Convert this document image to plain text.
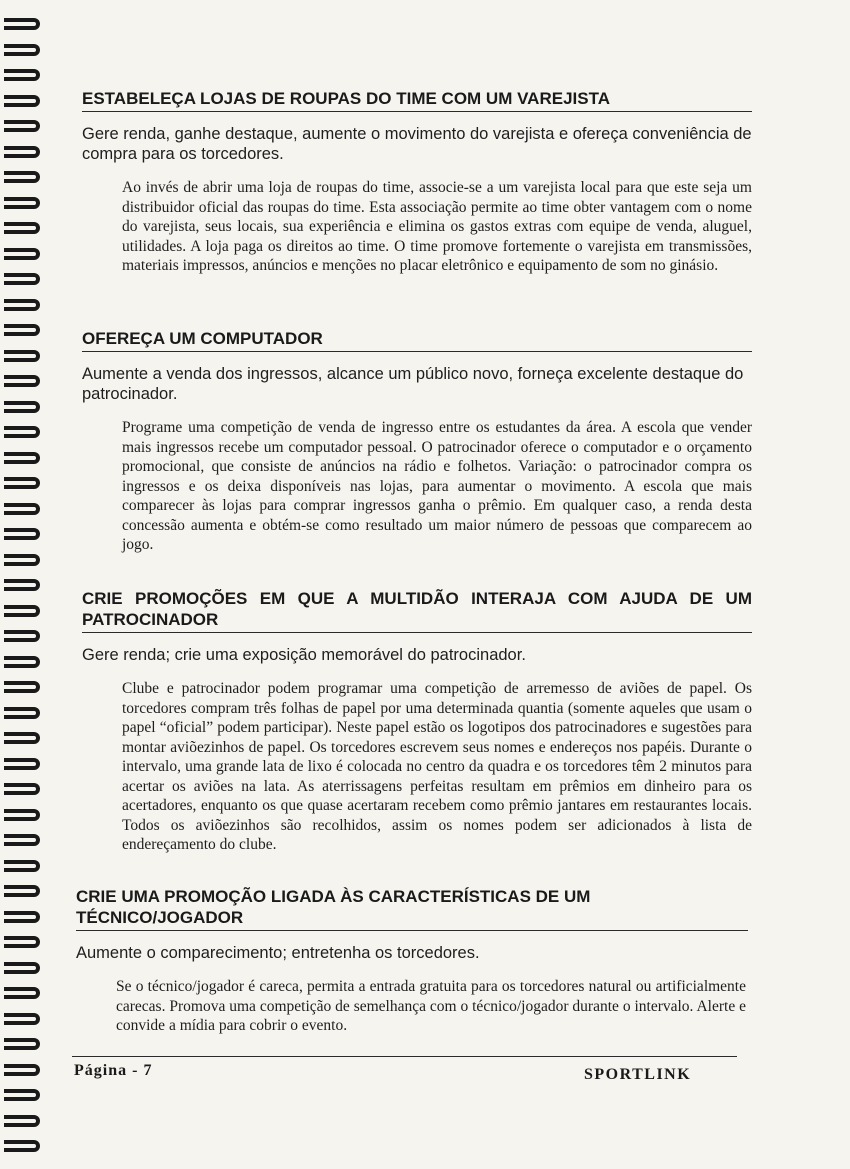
ESTABELEÇA LOJAS DE ROUPAS DO TIME COM UM VAREJISTA

Gere renda, ganhe destaque, aumente o movimento do varejista e ofereça conveniência de compra para os torcedores.

Ao invés de abrir uma loja de roupas do time, associe-se a um varejista local para que este seja um distribuidor oficial das roupas do time. Esta associação permite ao time obter vantagem com o nome do varejista, seus locais, sua experiência e elimina os gastos extras com equipe de venda, aluguel, utilidades. A loja paga os direitos ao time. O time promove fortemente o varejista em transmissões, materiais impressos, anúncios e menções no placar eletrônico e equipamento de som no ginásio.

OFEREÇA UM COMPUTADOR

Aumente a venda dos ingressos, alcance um público novo, forneça excelente destaque do patrocinador.

Programe uma competição de venda de ingresso entre os estudantes da área. A escola que vender mais ingressos recebe um computador pessoal. O patrocinador oferece o computador e o orçamento promocional, que consiste de anúncios na rádio e folhetos. Variação: o patrocinador compra os ingressos e os deixa disponíveis nas lojas, para aumentar o movimento. A escola que mais comparecer às lojas para comprar ingressos ganha o prêmio. Em qualquer caso, a renda desta concessão aumenta e obtém-se como resultado um maior número de pessoas que comparecem ao jogo.

CRIE PROMOÇÕES EM QUE A MULTIDÃO INTERAJA COM AJUDA DE UM PATROCINADOR

Gere renda; crie uma exposição memorável do patrocinador.

Clube e patrocinador podem programar uma competição de arremesso de aviões de papel. Os torcedores compram três folhas de papel por uma determinada quantia (somente aqueles que usam o papel “oficial” podem participar). Neste papel estão os logotipos dos patrocinadores e sugestões para montar aviõezinhos de papel. Os torcedores escrevem seus nomes e endereços nos papéis. Durante o intervalo, uma grande lata de lixo é colocada no centro da quadra e os torcedores têm 2 minutos para acertar os aviões na lata. As aterrissagens perfeitas resultam em prêmios em dinheiro para os acertadores, enquanto os que quase acertaram recebem como prêmio jantares em restaurantes locais. Todos os aviõezinhos são recolhidos, assim os nomes podem ser adicionados à lista de endereçamento do clube.

CRIE UMA PROMOÇÃO LIGADA ÀS CARACTERÍSTICAS DE UM TÉCNICO/JOGADOR

Aumente o comparecimento; entretenha os torcedores.

Se o técnico/jogador é careca, permita a entrada gratuita para os torcedores natural ou artificialmente carecas. Promova uma competição de semelhança com o técnico/jogador durante o intervalo. Alerte e convide a mídia para cobrir o evento.

Página - 7	SPORTLINK
